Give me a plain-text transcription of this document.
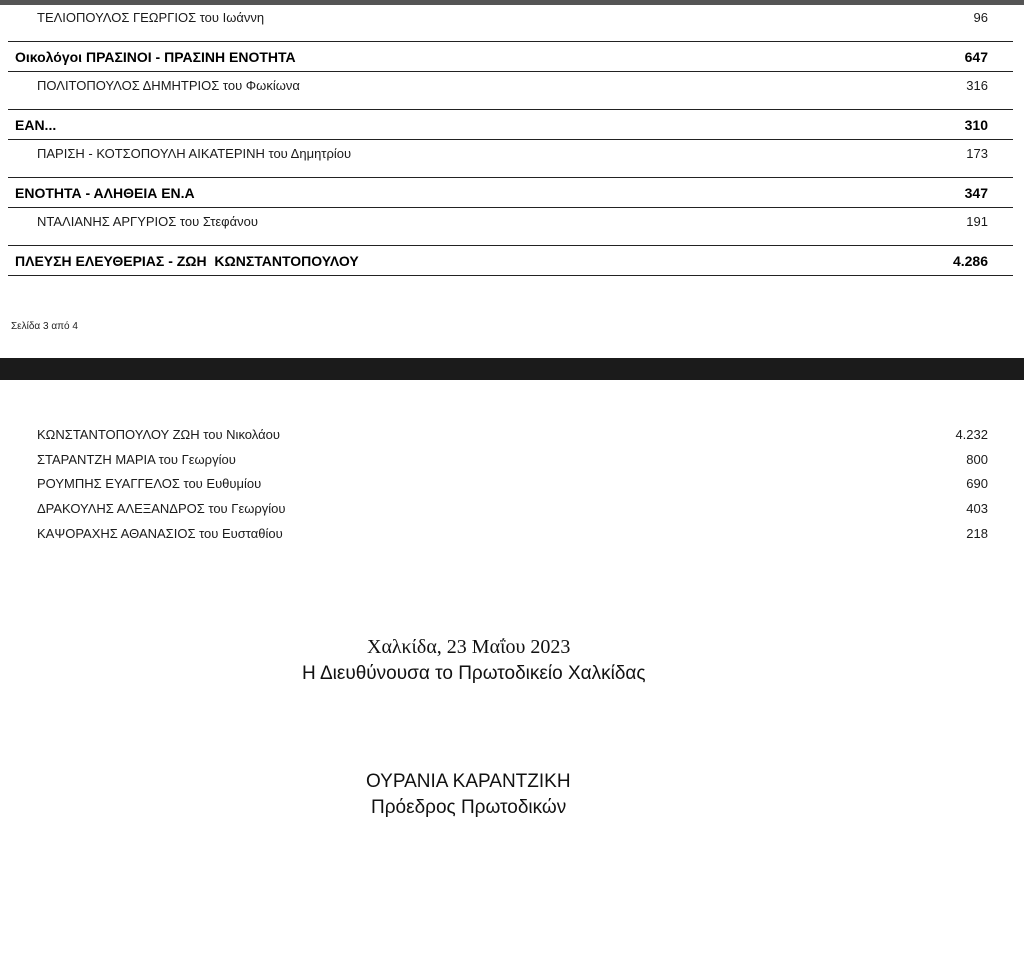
ΤΕΛΙΟΠΟΥΛΟΣ ΓΕΩΡΓΙΟΣ του Ιωάννη	96
Οικολόγοι ΠΡΑΣΙΝΟΙ - ΠΡΑΣΙΝΗ ΕΝΟΤΗΤΑ	647
ΠΟΛΙΤΟΠΟΥΛΟΣ ΔΗΜΗΤΡΙΟΣ του Φωκίωνα	316
ΕΑΝ...	310
ΠΑΡΙΣΗ - ΚΟΤΣΟΠΟΥΛΗ ΑΙΚΑΤΕΡΙΝΗ του Δημητρίου	173
ΕΝΟΤΗΤΑ - ΑΛΗΘΕΙΑ ΕΝ.Α	347
ΝΤΑΛΙΑΝΗΣ ΑΡΓΥΡΙΟΣ του Στεφάνου	191
ΠΛΕΥΣΗ ΕΛΕΥΘΕΡΙΑΣ - ΖΩΗ  ΚΩΝΣΤΑΝΤΟΠΟΥΛΟΥ	4.286
Σελίδα 3 από 4
ΚΩΝΣΤΑΝΤΟΠΟΥΛΟΥ ΖΩΗ του Νικολάου	4.232
ΣΤΑΡΑΝΤΖΗ ΜΑΡΙΑ του Γεωργίου	800
ΡΟΥΜΠΗΣ ΕΥΑΓΓΕΛΟΣ του Ευθυμίου	690
ΔΡΑΚΟΥΛΗΣ ΑΛΕΞΑΝΔΡΟΣ του Γεωργίου	403
ΚΑΨΟΡΑΧΗΣ ΑΘΑΝΑΣΙΟΣ του Ευσταθίου	218
Χαλκίδα, 23 Μαΐου 2023
Η Διευθύνουσα το Πρωτοδικείο Χαλκίδας
ΟΥΡΑΝΙΑ ΚΑΡΑΝΤΖΙΚΗ
Πρόεδρος Πρωτοδικών
